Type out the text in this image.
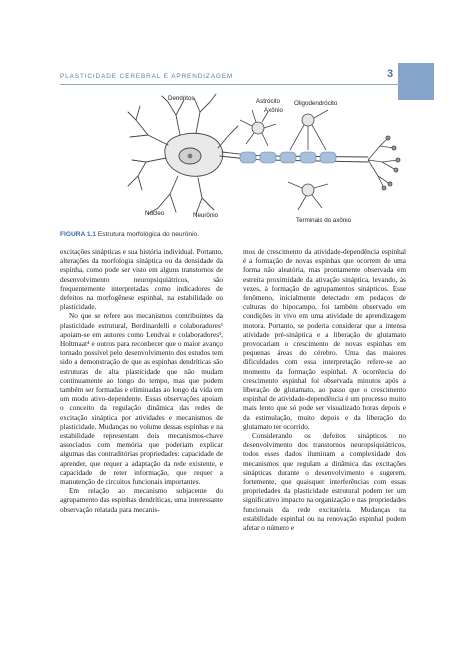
PLASTICIDADE CEREBRAL E APRENDIZAGEM	3
Dendritos	Astrócito
Axônio
Oligodendrócito
Núcleo	Neurônio
Terminais do axônio
FIGURA 1.1 Estrutura morfológica do neurônio.

excitações sinápticas e sua história individual. Portanto, alterações da morfologia sináptica ou da densidade da espinha, como pode ser visto em alguns transtornos de desenvolvimento neuropsiquiátricos, são frequentemente interpretadas como indicadores de defeitos na morfogênese espinhal, na estabilidade ou plasticidade.

No que se refere aos mecanismos contribuintes da plasticidade estrutural, Berdinardelli e colaboradores¹ apoiam-se em autores como Lendvai e colaboradores³, Holtmaat⁴ e outros para reconhecer que o maior avanço tornado possível pelo desenvolvimento dos estudos tem sido a demonstração de que as espinhas dendríticas são estruturas de alta plasticidade que não mudam continuamente ao longo do tempo, mas que podem também ser formadas e eliminadas ao longo da vida em um modo ativo-dependente. Essas observações apoiam o conceito da regulação dinâmica das redes de excitação sináptica por atividades e mecanismos de plasticidade. Mudanças no volume dessas espinhas e na estabilidade representam dois mecanismos-chave associados com memória que poderiam explicar algumas das contraditórias propriedades: capacidade de aprender, que requer a adaptação da rede existente, e capacidade de reter informação, que requer a manutenção de circuitos funcionais importantes.

Em relação ao mecanismo subjacente do agrupamento das espinhas dendríticas, uma interessante observação relatada para mecanis-

mos de crescimento da atividade-dependência espinhal é a formação de novas espinhas que ocorrem de uma forma não aleatória, mas prontamente observada em estreita proximidade da ativação sináptica, levando, às vezes, à formação de agrupamentos sinápticos. Esse fenômeno, inicialmente detectado em pedaços de culturas do hipocampo, foi também observado em condições in vivo em uma atividade de aprendizagem motora. Portanto, se poderia considerar que a intensa atividade pré-sináptica e a liberação de glutamato provocariam o crescimento de novas espinhas em pequenas áreas do cérebro. Uma das maiores dificuldades com essa interpretação refere-se ao momento da formação espinhal. A ocorrência do crescimento espinhal foi observada minutos após a liberação de glutamato, ao passo que o crescimento espinhal de atividade-dependência é um processo muito mais lento que só pode ser visualizado horas depois e da estimulação, muito depois e da liberação do glutamato ter ocorrido.

Considerando os defeitos sinápticos no desenvolvimento dos transtornos neuropsiquiátricos, todos esses dados iluminam a complexidade dos mecanismos que regulam a dinâmica das excitações sinápticas durante o desenvolvimento e sugerem, fortemente, que quaisquer interferências com essas propriedades da plasticidade estrutural podem ter um significativo impacto na organização e nas propriedades funcionais da rede excitatória. Mudanças na estabilidade espinhal ou na renovação espinhal podem afetar o número e
